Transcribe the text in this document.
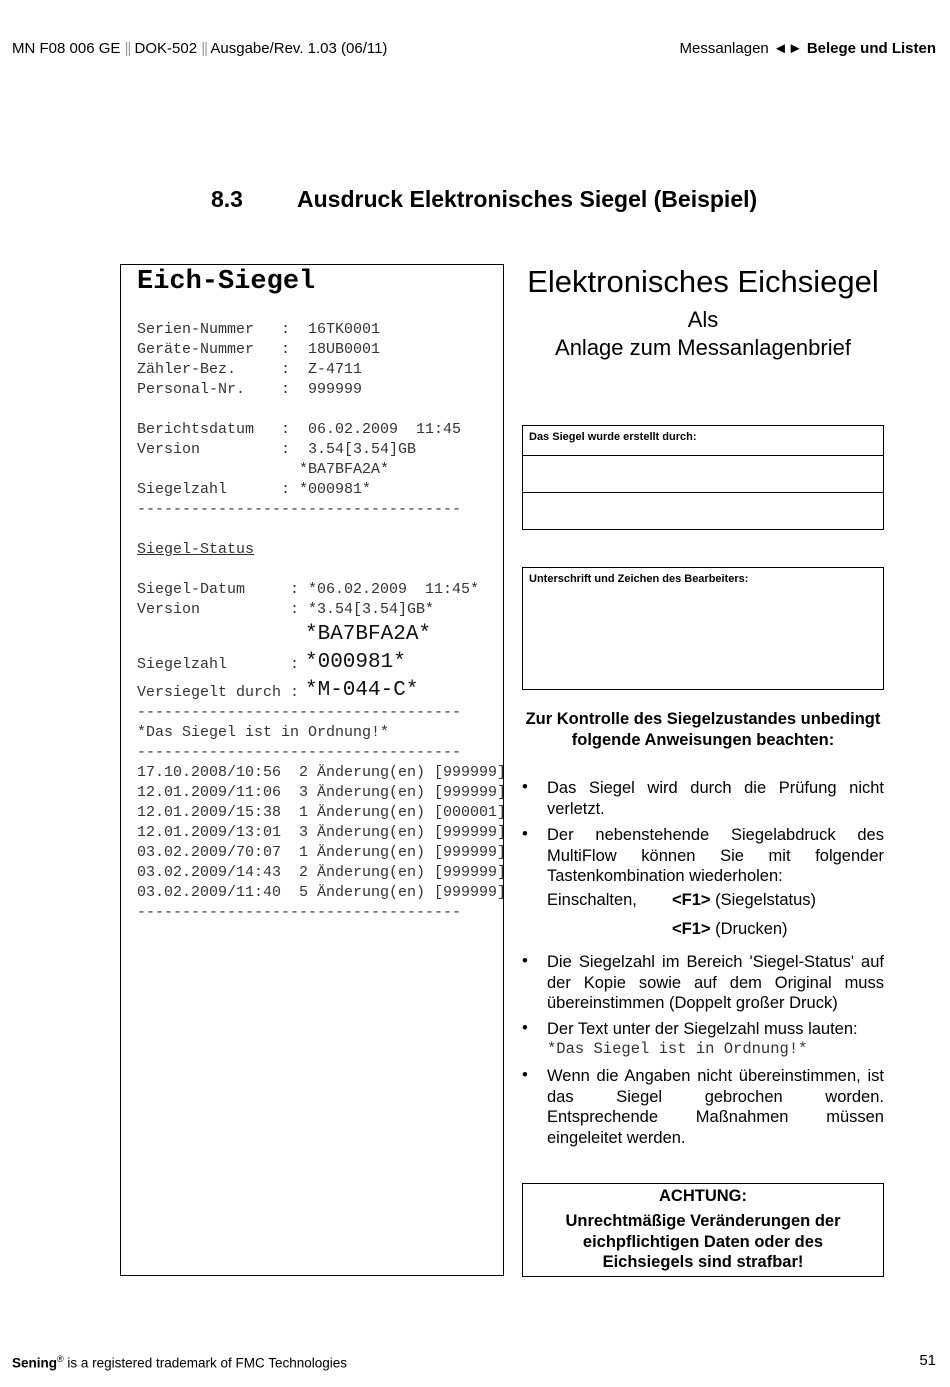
MN F08 006 GE || DOK-502 || Ausgabe/Rev. 1.03 (06/11)	Messanlagen ◄► Belege und Listen
8.3 Ausdruck Elektronisches Siegel (Beispiel)
Eich-Siegel
Serien-Nummer   :  16TK0001
Geräte-Nummer   :  18UB0001
Zähler-Bez.     :  Z-4711
Personal-Nr.    :  999999
Berichtsdatum   :  06.02.2009  11:45
Version         :  3.54[3.54]GB
*BA7BFA2A*
Siegelzahl      : *000981*
------------------------------------
Siegel-Status
Siegel-Datum     : *06.02.2009  11:45*
Version          : *3.54[3.54]GB*
*BA7BFA2A*
Siegelzahl       : *000981*
Versiegelt durch : *M-044-C*
------------------------------------
*Das Siegel ist in Ordnung!*
------------------------------------
17.10.2008/10:56  2 Änderung(en) [999999]
12.01.2009/11:06  3 Änderung(en) [999999]
12.01.2009/15:38  1 Änderung(en) [000001]
12.01.2009/13:01  3 Änderung(en) [999999]
03.02.2009/70:07  1 Änderung(en) [999999]
03.02.2009/14:43  2 Änderung(en) [999999]
03.02.2009/11:40  5 Änderung(en) [999999]
------------------------------------
Elektronisches Eichsiegel
Als
Anlage zum Messanlagenbrief
Das Siegel wurde erstellt durch:
Unterschrift und Zeichen des Bearbeiters:
Zur Kontrolle des Siegelzustandes unbedingt folgende Anweisungen beachten:
• Das Siegel wird durch die Prüfung nicht verletzt.
• Der nebenstehende Siegelabdruck des MultiFlow können Sie mit folgender Tastenkombination wiederholen:
Einschalten, <F1> (Siegelstatus)
<F1> (Drucken)
• Die Siegelzahl im Bereich 'Siegel-Status' auf der Kopie sowie auf dem Original muss übereinstimmen (Doppelt großer Druck)
• Der Text unter der Siegelzahl muss lauten:
*Das Siegel ist in Ordnung!*
• Wenn die Angaben nicht übereinstimmen, ist das Siegel gebrochen worden. Entsprechende Maßnahmen müssen eingeleitet werden.
ACHTUNG:
Unrechtmäßige Veränderungen der eichpflichtigen Daten oder des Eichsiegels sind strafbar!
Sening® is a registered trademark of FMC Technologies	51
